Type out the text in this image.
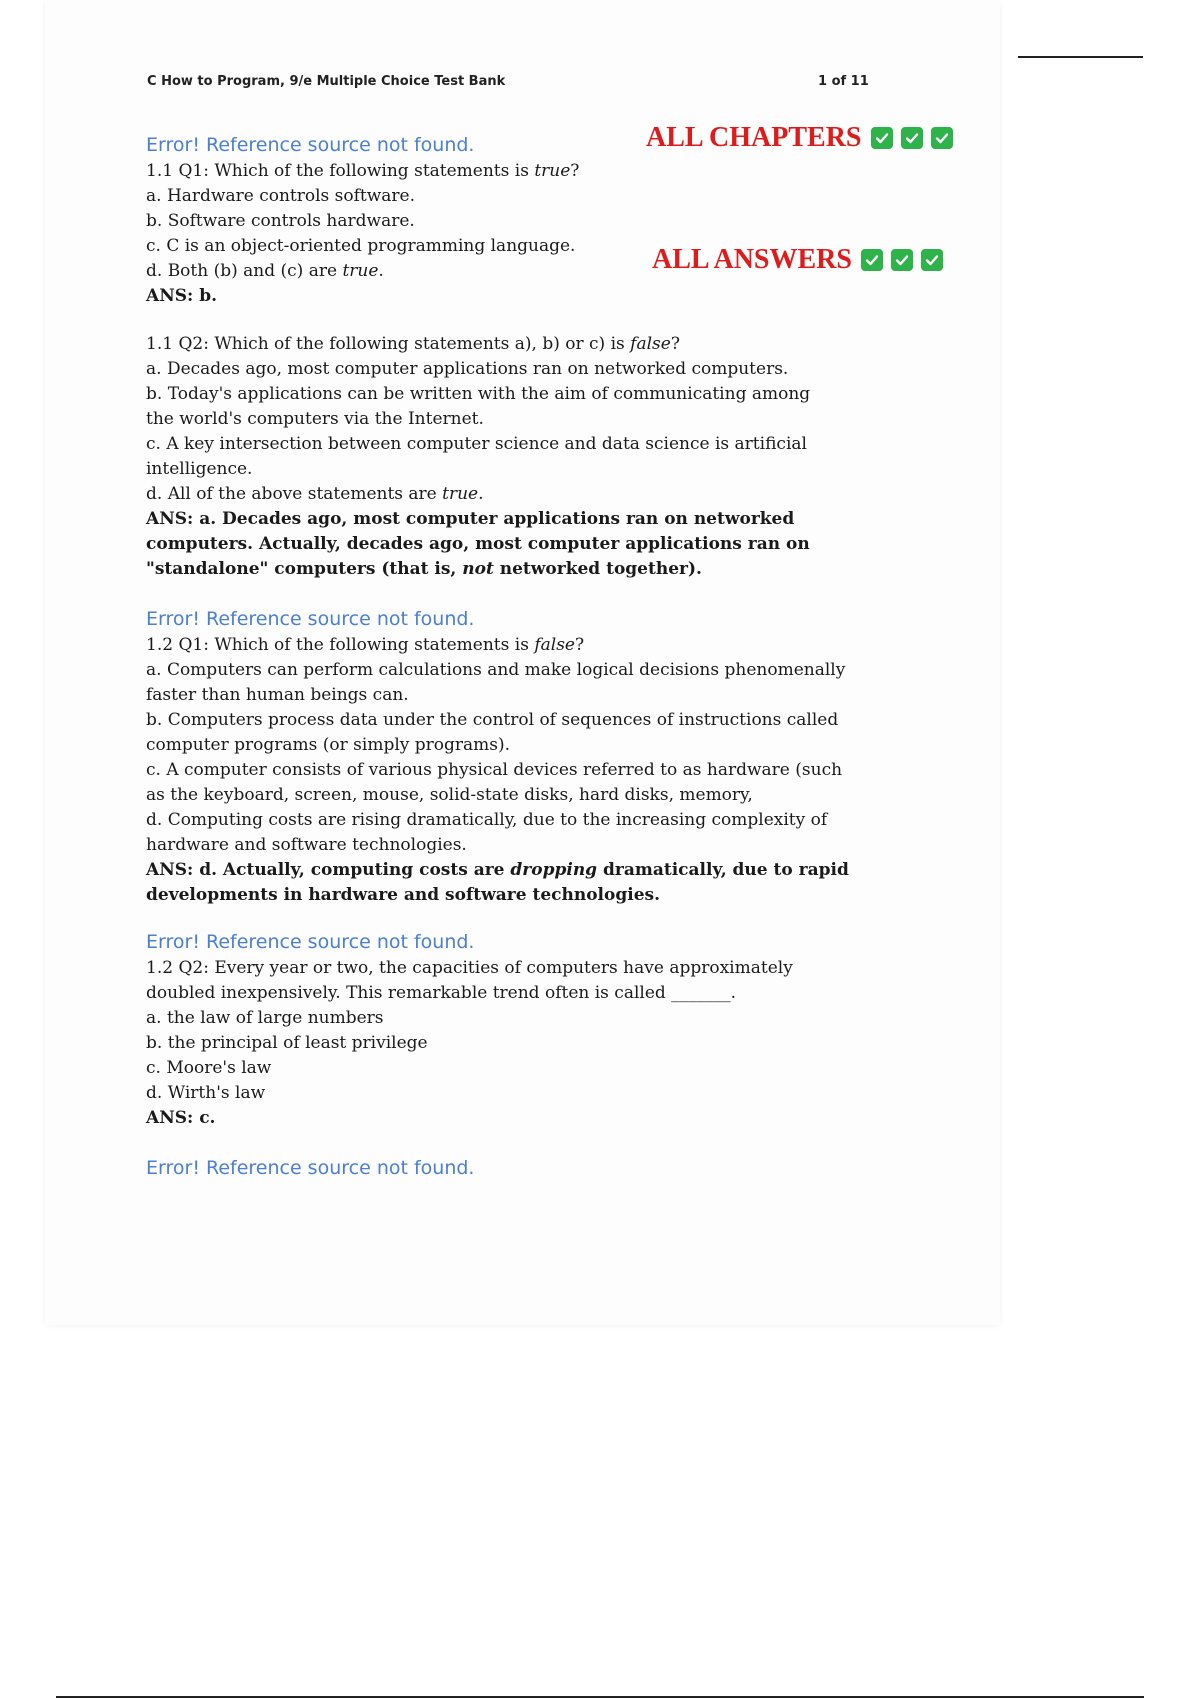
C How to Program, 9/e Multiple Choice Test Bank	1 of 11
ALL CHAPTERS
ALL ANSWERS

Error! Reference source not found.

1.1 Q1: Which of the following statements is true?

a. Hardware controls software.

b. Software controls hardware.

c. C is an object-oriented programming language.

d. Both (b) and (c) are true.

ANS: b.

1.1 Q2: Which of the following statements a), b) or c) is false?

a. Decades ago, most computer applications ran on networked computers.

b. Today's applications can be written with the aim of communicating among

the world's computers via the Internet.

c. A key intersection between computer science and data science is artificial

intelligence.

d. All of the above statements are true.

ANS: a. Decades ago, most computer applications ran on networked

computers. Actually, decades ago, most computer applications ran on

"standalone" computers (that is, not networked together).

Error! Reference source not found.

1.2 Q1: Which of the following statements is false?

a. Computers can perform calculations and make logical decisions phenomenally

faster than human beings can.

b. Computers process data under the control of sequences of instructions called

computer programs (or simply programs).

c. A computer consists of various physical devices referred to as hardware (such

as the keyboard, screen, mouse, solid-state disks, hard disks, memory,

d. Computing costs are rising dramatically, due to the increasing complexity of

hardware and software technologies.

ANS: d. Actually, computing costs are dropping dramatically, due to rapid

developments in hardware and software technologies.

Error! Reference source not found.

1.2 Q2: Every year or two, the capacities of computers have approximately

doubled inexpensively. This remarkable trend often is called _______.

a. the law of large numbers

b. the principal of least privilege

c. Moore's law

d. Wirth's law

ANS: c.

Error! Reference source not found.
